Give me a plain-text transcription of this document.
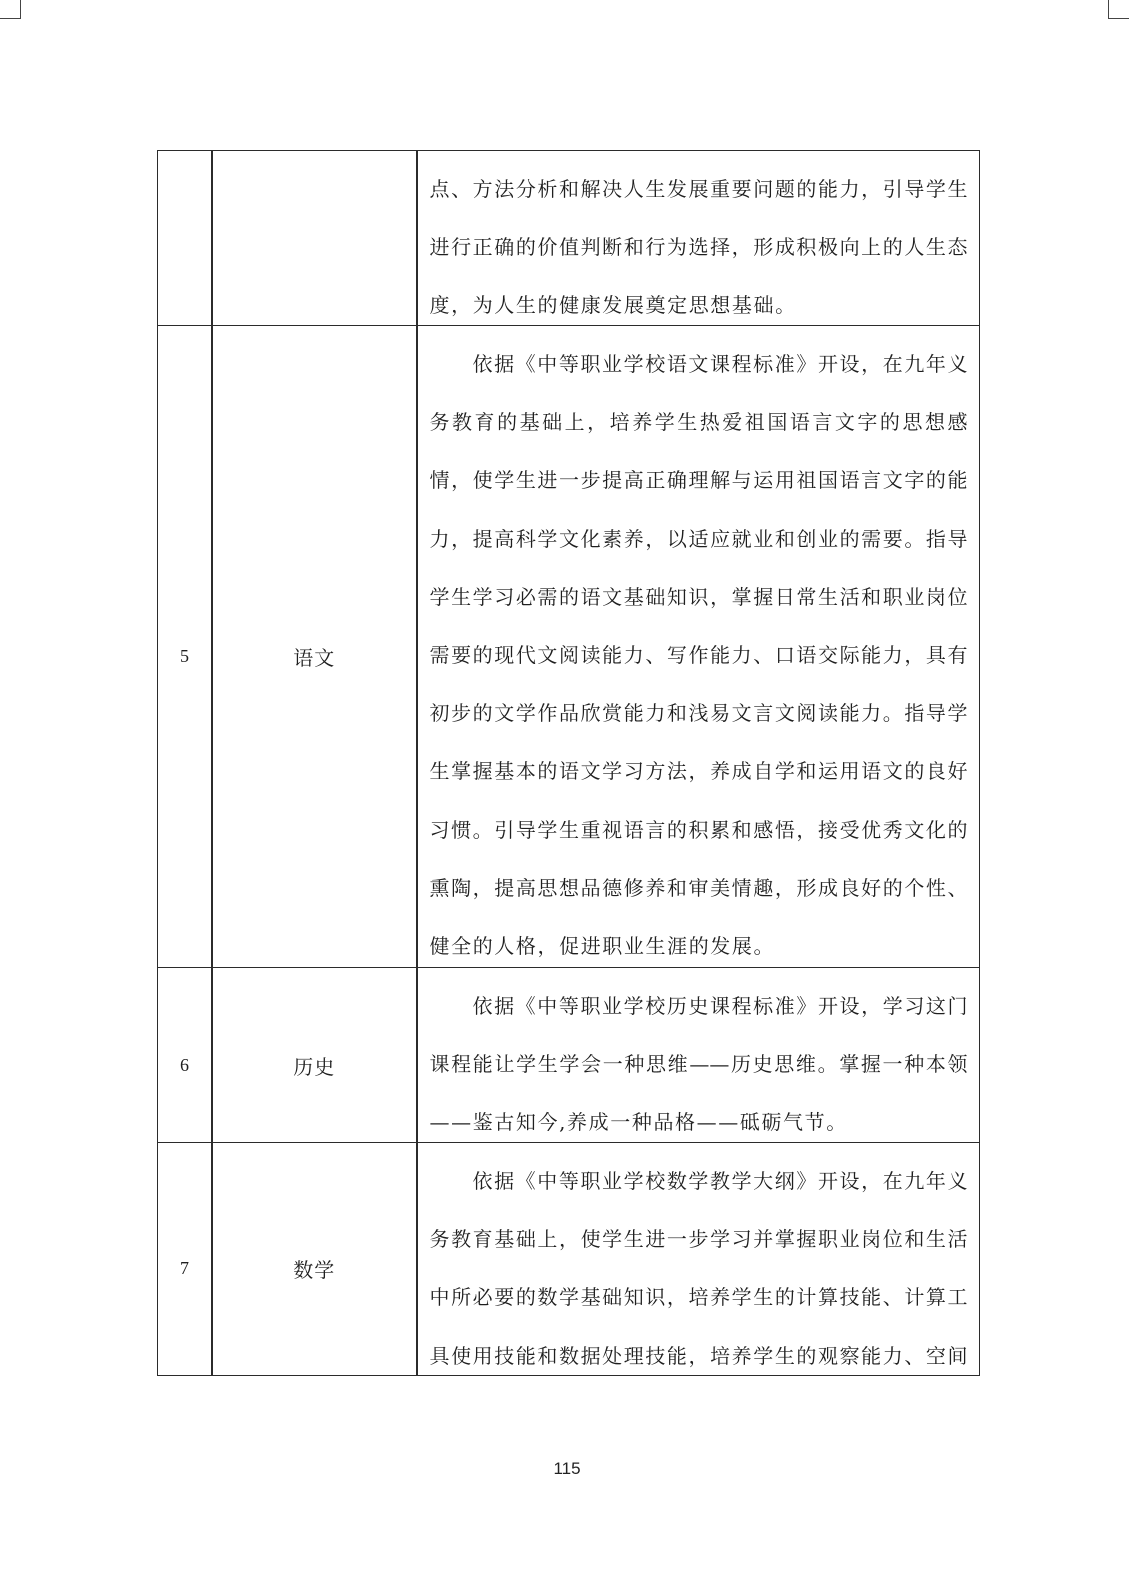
点、方法分析和解决人生发展重要问题的能力，引导学生
进行正确的价值判断和行为选择，形成积极向上的人生态
度，为人生的健康发展奠定思想基础。
5	语文
依据《中等职业学校语文课程标准》开设，在九年义
务教育的基础上，培养学生热爱祖国语言文字的思想感
情，使学生进一步提高正确理解与运用祖国语言文字的能
力，提高科学文化素养，以适应就业和创业的需要。指导
学生学习必需的语文基础知识，掌握日常生活和职业岗位
需要的现代文阅读能力、写作能力、口语交际能力，具有
初步的文学作品欣赏能力和浅易文言文阅读能力。指导学
生掌握基本的语文学习方法，养成自学和运用语文的良好
习惯。引导学生重视语言的积累和感悟，接受优秀文化的
熏陶，提高思想品德修养和审美情趣，形成良好的个性、
健全的人格，促进职业生涯的发展。
6	历史
依据《中等职业学校历史课程标准》开设，学习这门
课程能让学生学会一种思维——历史思维。掌握一种本领
——鉴古知今,养成一种品格——砥砺气节。
7	数学
依据《中等职业学校数学教学大纲》开设，在九年义
务教育基础上，使学生进一步学习并掌握职业岗位和生活
中所必要的数学基础知识，培养学生的计算技能、计算工
具使用技能和数据处理技能，培养学生的观察能力、空间
115
